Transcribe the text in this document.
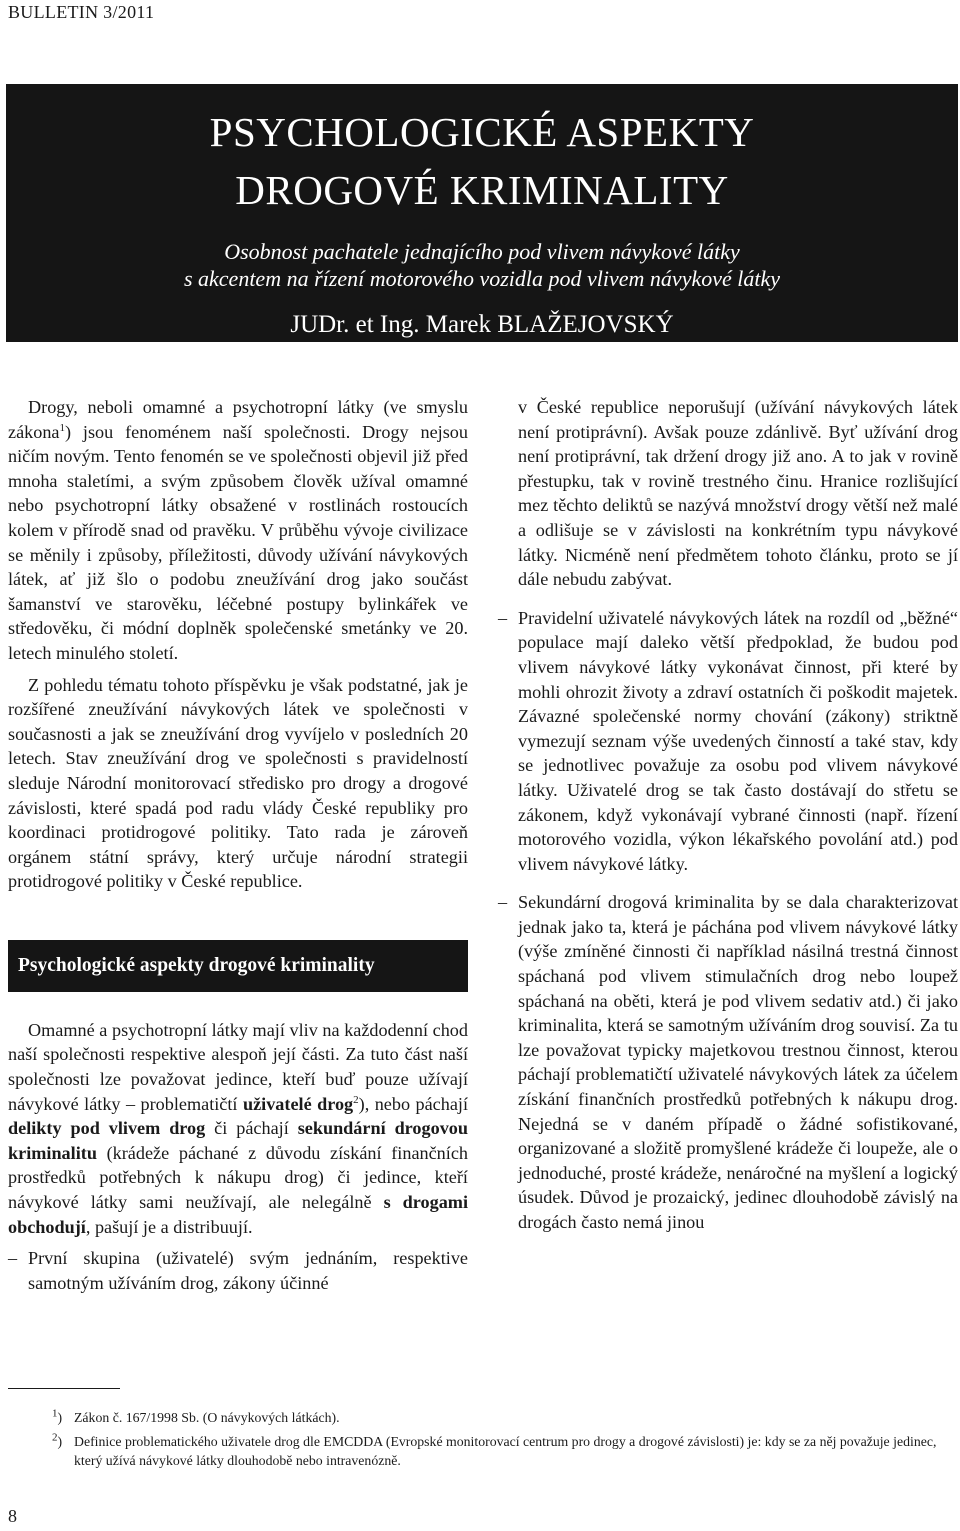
BULLETIN 3/2011
PSYCHOLOGICKÉ ASPEKTY
DROGOVÉ KRIMINALITY
Osobnost pachatele jednajícího pod vlivem návykové látky
s akcentem na řízení motorového vozidla pod vlivem návykové látky
JUDr. et Ing. Marek BLAŽEJOVSKÝ

Drogy, neboli omamné a psychotropní látky (ve smyslu zákona$^1$) jsou fenoménem naší společnosti. Drogy nejsou ničím novým. Tento fenomén se ve společnosti objevil již před mnoha staletími, a svým způsobem člověk užíval omamné nebo psychotropní látky obsažené v rostlinách rostoucích kolem v přírodě snad od pravěku. V průběhu vývoje civilizace se měnily i způsoby, příležitosti, důvody užívání návykových látek, ať již šlo o podobu zneužívání drog jako součást šamanství ve starověku, léčebné postupy bylinkářek ve středověku, či módní doplněk společenské smetánky ve 20. letech minulého století.

Z pohledu tématu tohoto příspěvku je však podstatné, jak je rozšířené zneužívání návykových látek ve společnosti v současnosti a jak se zneužívání drog vyvíjelo v posledních 20 letech. Stav zneužívání drog ve společnosti s pravidelností sleduje Národní monitorovací středisko pro drogy a drogové závislosti, které spadá pod radu vlády České republiky pro koordinaci protidrogové politiky. Tato rada je zároveň orgánem státní správy, který určuje národní strategii protidrogové politiky v České republice.

Psychologické aspekty drogové kriminality

Omamné a psychotropní látky mají vliv na každodenní chod naší společnosti respektive alespoň její části. Za tuto část naší společnosti lze považovat jedince, kteří buď pouze užívají návykové látky – problematičtí uživatelé drog$^2$), nebo páchají delikty pod vlivem drog či páchají sekundární drogovou kriminalitu (krádeže páchané z důvodu získání finančních prostředků potřebných k nákupu drog) či jedince, kteří návykové látky sami neužívají, ale nelegálně s drogami obchodují, pašují je a distribuují.

– První skupina (uživatelé) svým jednáním, respektive samotným užíváním drog, zákony účinné

v České republice neporušují (užívání návykových látek není protiprávní). Avšak pouze zdánlivě. Byť užívání drog není protiprávní, tak držení drogy již ano. A to jak v rovině přestupku, tak v rovině trestného činu. Hranice rozlišující mez těchto deliktů se nazývá množství drogy větší než malé a odlišuje se v závislosti na konkrétním typu návykové látky. Nicméně není předmětem tohoto článku, proto se jí dále nebudu zabývat.

– Pravidelní uživatelé návykových látek na rozdíl od „běžné“ populace mají daleko větší předpoklad, že budou pod vlivem návykové látky vykonávat činnost, při které by mohli ohrozit životy a zdraví ostatních či poškodit majetek. Závazné společenské normy chování (zákony) striktně vymezují seznam výše uvedených činností a také stav, kdy se jednotlivec považuje za osobu pod vlivem návykové látky. Uživatelé drog se tak často dostávají do střetu se zákonem, když vykonávají vybrané činnosti (např. řízení motorového vozidla, výkon lékařského povolání atd.) pod vlivem návykové látky.

– Sekundární drogová kriminalita by se dala charakterizovat jednak jako ta, která je páchána pod vlivem návykové látky (výše zmíněné činnosti či například násilná trestná činnost spáchaná pod vlivem stimulačních drog nebo loupež spáchaná na oběti, která je pod vlivem sedativ atd.) či jako kriminalita, která se samotným užíváním drog souvisí. Za tu lze považovat typicky majetkovou trestnou činnost, kterou páchají problematičtí uživatelé návykových látek za účelem získání finančních prostředků potřebných k nákupu drog. Nejedná se v daném případě o žádné sofistikované, organizované a složitě promyšlené krádeže či loupeže, ale o jednoduché, prosté krádeže, nenáročné na myšlení a logický úsudek. Důvod je prozaický, jedinec dlouhodobě závislý na drogách často nemá jinou

$^1$) Zákon č. 167/1998 Sb. (O návykových látkách).
$^2$) Definice problematického uživatele drog dle EMCDDA (Evropské monitorovací centrum pro drogy a drogové závislosti) je: kdy se za něj považuje jedinec, který užívá návykové látky dlouhodobě nebo intravenózně.
8
